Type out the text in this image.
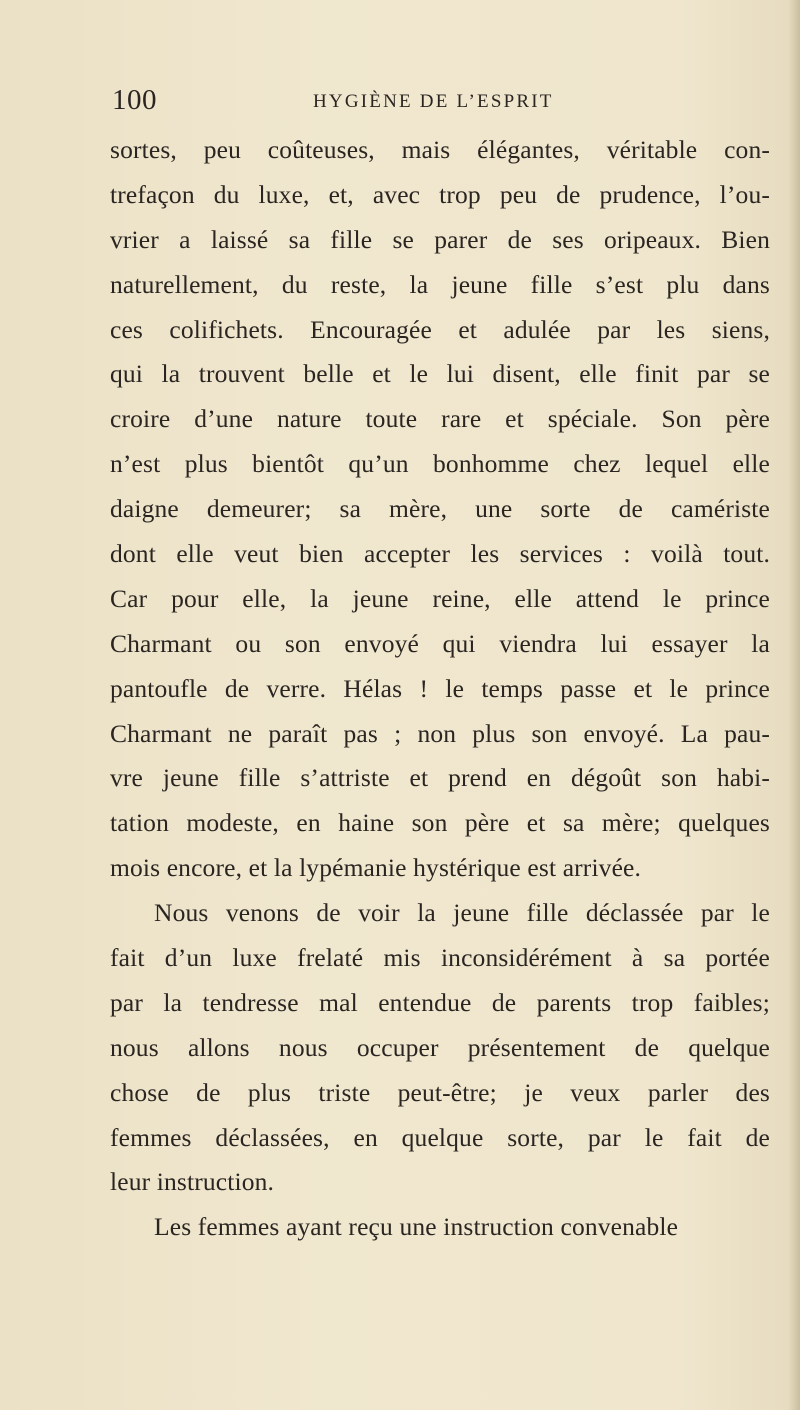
100	HYGIÈNE DE L’ESPRIT
sortes, peu coûteuses, mais élégantes, véritable con-
trefaçon du luxe, et, avec trop peu de prudence, l’ou-
vrier a laissé sa fille se parer de ses oripeaux. Bien
naturellement, du reste, la jeune fille s’est plu dans
ces colifichets. Encouragée et adulée par les siens,
qui la trouvent belle et le lui disent, elle finit par se
croire d’une nature toute rare et spéciale. Son père
n’est plus bientôt qu’un bonhomme chez lequel elle
daigne demeurer; sa mère, une sorte de camériste
dont elle veut bien accepter les services : voilà tout.
Car pour elle, la jeune reine, elle attend le prince
Charmant ou son envoyé qui viendra lui essayer la
pantoufle de verre. Hélas ! le temps passe et le prince
Charmant ne paraît pas ; non plus son envoyé. La pau-
vre jeune fille s’attriste et prend en dégoût son habi-
tation modeste, en haine son père et sa mère; quelques
mois encore, et la lypémanie hystérique est arrivée.
Nous venons de voir la jeune fille déclassée par le
fait d’un luxe frelaté mis inconsidérément à sa portée
par la tendresse mal entendue de parents trop faibles;
nous allons nous occuper présentement de quelque
chose de plus triste peut-être; je veux parler des
femmes déclassées, en quelque sorte, par le fait de
leur instruction.
Les femmes ayant reçu une instruction convenable
